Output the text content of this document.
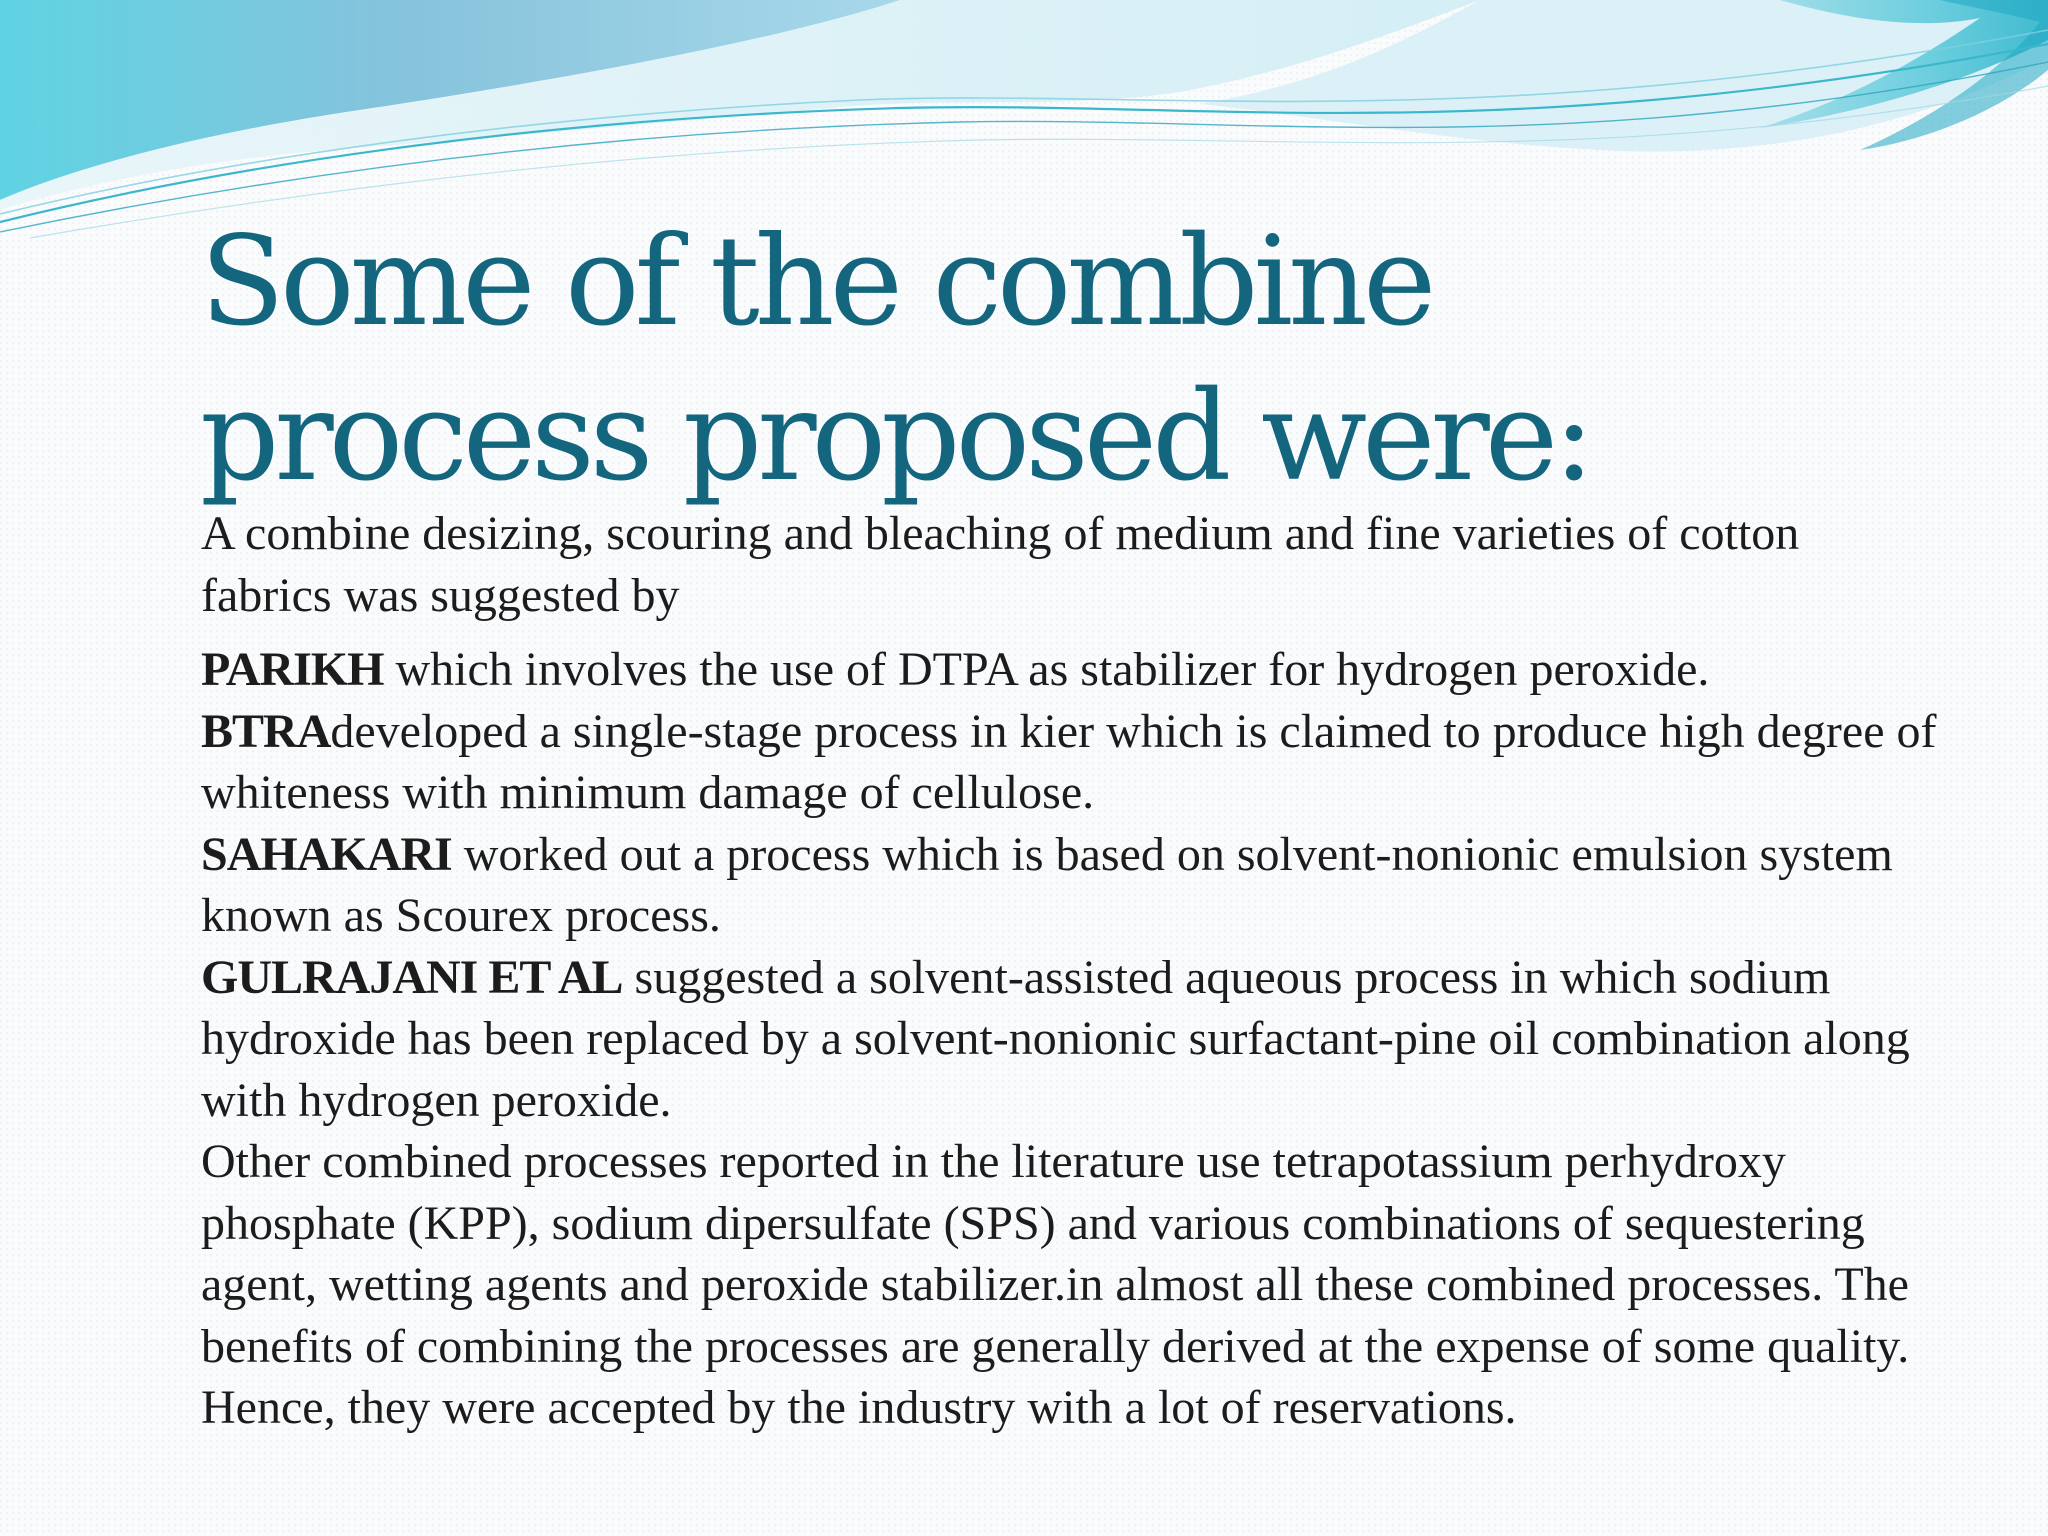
Some of the combine process proposed were:

A combine desizing, scouring and bleaching of medium and fine varieties of cotton fabrics was suggested by

PARIKH which involves the use of DTPA as stabilizer for hydrogen peroxide.

BTRAdeveloped a single-stage process in kier which is claimed to produce high degree of whiteness with minimum damage of cellulose.

SAHAKARI worked out a process which is based on solvent-nonionic emulsion system known as Scourex process.

GULRAJANI ET AL suggested a solvent-assisted aqueous process in which sodium hydroxide has been replaced by a solvent-nonionic surfactant-pine oil combination along with hydrogen peroxide.

Other combined processes reported in the literature use tetrapotassium perhydroxy phosphate (KPP), sodium dipersulfate (SPS) and various combinations of sequestering agent, wetting agents and peroxide stabilizer.in almost all these combined processes. The benefits of combining the processes are generally derived at the expense of some quality. Hence, they were accepted by the industry with a lot of reservations.
